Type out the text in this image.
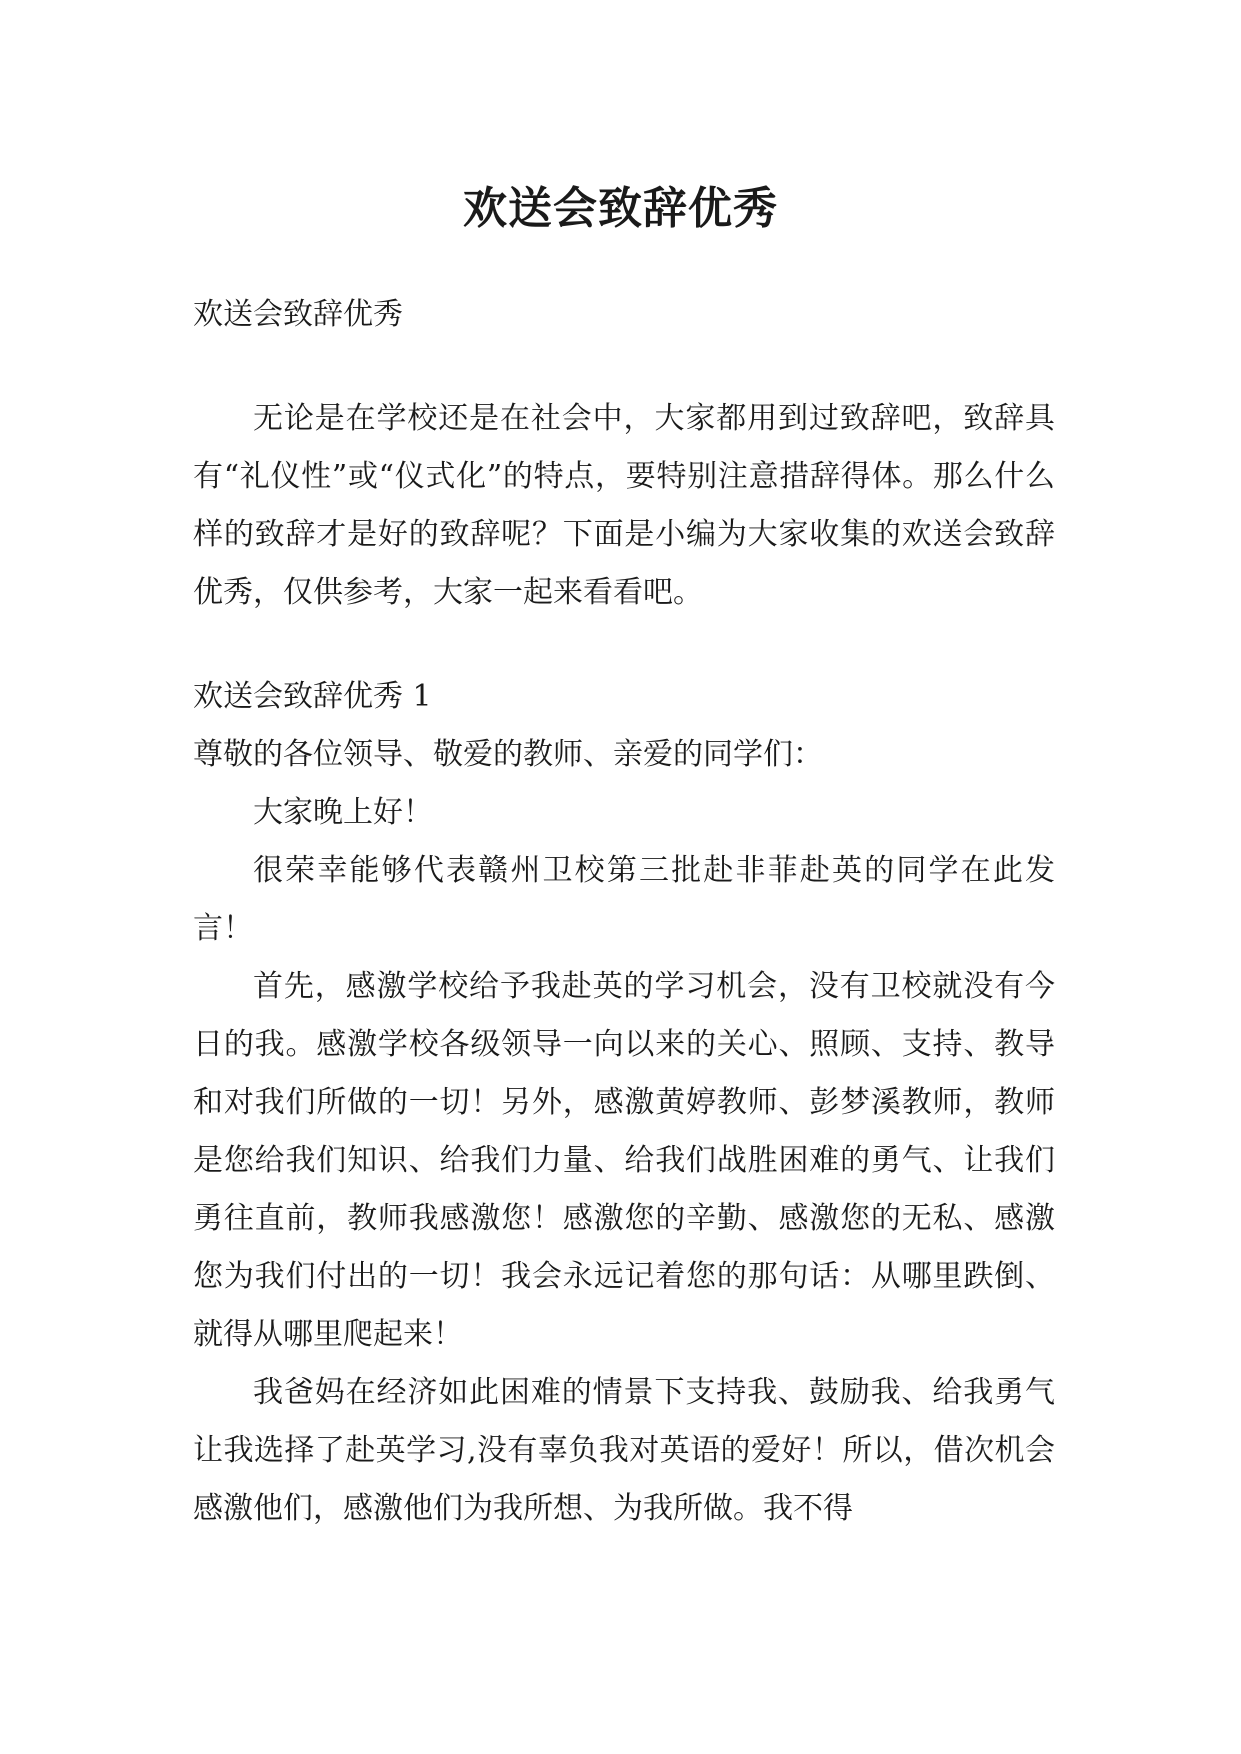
欢送会致辞优秀

欢送会致辞优秀

无论是在学校还是在社会中，大家都用到过致辞吧，致辞具有“礼仪性”或“仪式化”的特点，要特别注意措辞得体。那么什么样的致辞才是好的致辞呢？下面是小编为大家收集的欢送会致辞优秀，仅供参考，大家一起来看看吧。

欢送会致辞优秀 1

尊敬的各位领导、敬爱的教师、亲爱的同学们：

大家晚上好！

很荣幸能够代表赣州卫校第三批赴非菲赴英的同学在此发言！

首先，感激学校给予我赴英的学习机会，没有卫校就没有今日的我。感激学校各级领导一向以来的关心、照顾、支持、教导和对我们所做的一切！另外，感激黄婷教师、彭梦溪教师，教师是您给我们知识、给我们力量、给我们战胜困难的勇气、让我们勇往直前，教师我感激您！感激您的辛勤、感激您的无私、感激您为我们付出的一切！我会永远记着您的那句话：从哪里跌倒、就得从哪里爬起来！

我爸妈在经济如此困难的情景下支持我、鼓励我、给我勇气让我选择了赴英学习,没有辜负我对英语的爱好！所以，借次机会感激他们，感激他们为我所想、为我所做。我不得
